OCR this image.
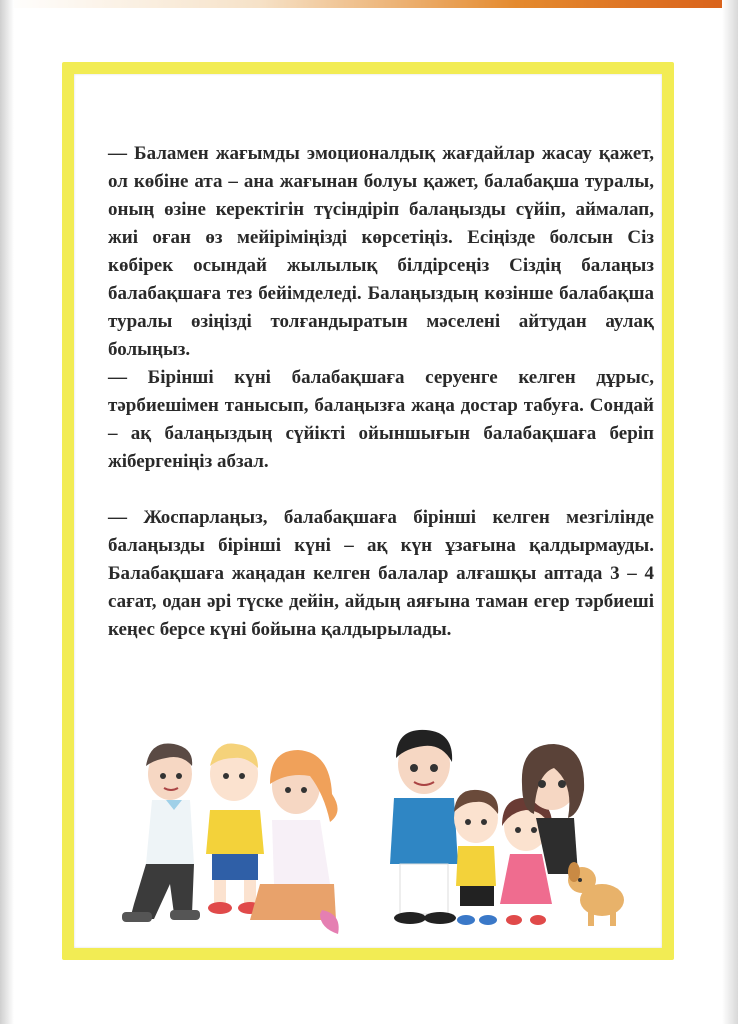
— Баламен жағымды эмоционалдық жағдайлар жасау қажет, ол көбіне ата – ана жағынан болуы қажет, балабақша туралы, оның өзіне керектігін түсіндіріп балаңызды сүйіп, аймалап, жиі оған өз мейіріміңізді көрсетіңіз. Есіңізде болсын Сіз көбірек осындай жылылық білдірсеңіз Сіздің балаңыз балабақшаға тез бейімделеді. Балаңыздың көзінше балабақша туралы өзіңізді толғандыратын мәселені айтудан аулақ болыңыз.

— Бірінші күні балабақшаға серуенге келген дұрыс, тәрбиешімен танысып, балаңызға жаңа достар табуға. Сондай – ақ балаңыздың сүйікті ойыншығын балабақшаға беріп жібергеніңіз абзал.

— Жоспарлаңыз, балабақшаға бірінші келген мезгілінде балаңызды бірінші күні – ақ күн ұзағына қалдырмауды. Балабақшаға жаңадан келген балалар алғашқы аптада 3 – 4 сағат, одан әрі түске дейін, айдың аяғына таман егер тәрбиеші кеңес берсе күні бойына қалдырылады.
